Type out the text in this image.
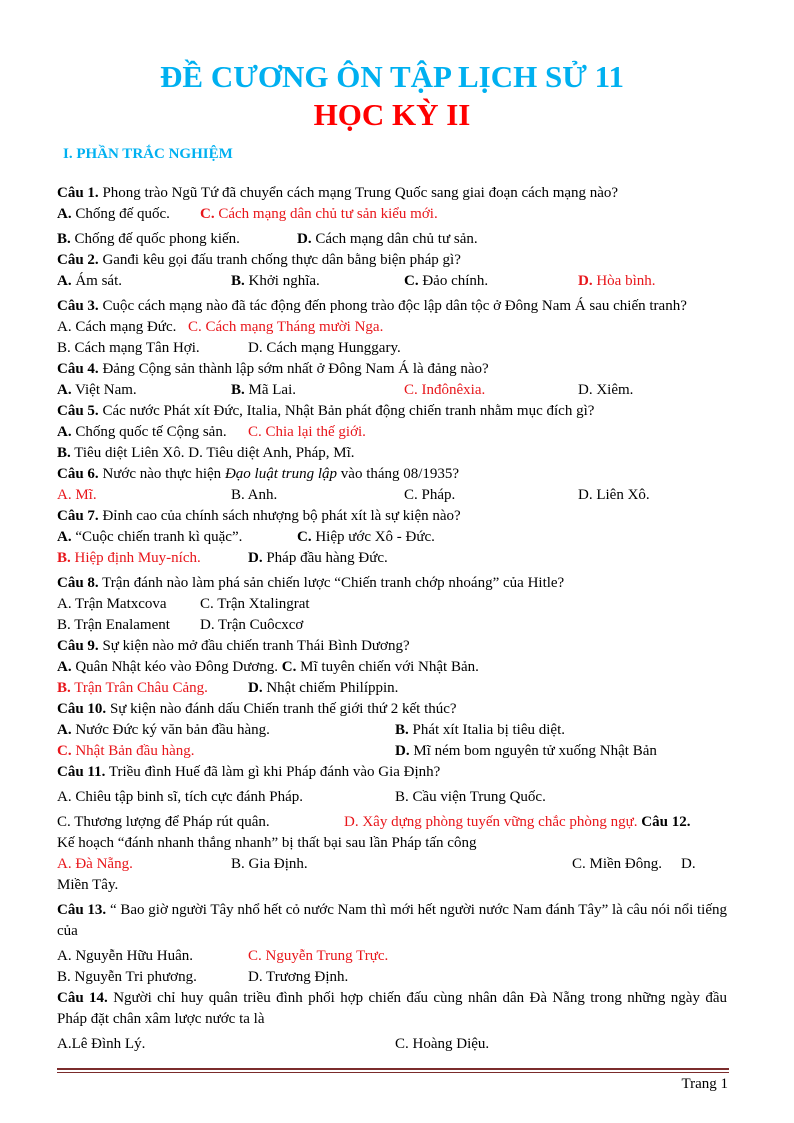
ĐỀ CƯƠNG ÔN TẬP LỊCH SỬ 11
HỌC KỲ II
I. PHẦN TRẮC NGHIỆM
Câu 1. Phong trào Ngũ Tứ đã chuyển cách mạng Trung Quốc sang giai đoạn cách mạng nào?
A. Chống đế quốc. C. Cách mạng dân chủ tư sản kiểu mới.
B. Chống đế quốc phong kiến.	D. Cách mạng dân chủ tư sản.
Câu 2. Ganđi kêu gọi đấu tranh chống thực dân bằng biện pháp gì?
A. Ám sát.	B. Khởi nghĩa.	C. Đảo chính.	D. Hòa bình.
Câu 3. Cuộc cách mạng nào đã tác động đến phong trào độc lập dân tộc ở Đông Nam Á sau chiến tranh?
A. Cách mạng Đức. C. Cách mạng Tháng mười Nga.
B. Cách mạng Tân Hợi.	D. Cách mạng Hunggary.
Câu 4. Đảng Cộng sản thành lập sớm nhất ở Đông Nam Á là đảng nào?
A. Việt Nam.	B. Mã Lai.	C. Inđônêxia.	D. Xiêm.
Câu 5. Các nước Phát xít Đức, Italia, Nhật Bản phát động chiến tranh nhằm mục đích gì?
A. Chống quốc tế Cộng sản. C. Chia lại thế giới.
B. Tiêu diệt Liên Xô. D. Tiêu diệt Anh, Pháp, Mĩ.
Câu 6. Nước nào thực hiện Đạo luật trung lập vào tháng 08/1935?
A. Mĩ.	B. Anh.	C. Pháp.	D. Liên Xô.
Câu 7. Đỉnh cao của chính sách nhượng bộ phát xít là sự kiện nào?
A. “Cuộc chiến tranh kì quặc”.	C. Hiệp ước Xô - Đức.
B. Hiệp định Muy-ních.	D. Pháp đầu hàng Đức.
Câu 8. Trận đánh nào làm phá sản chiến lược “Chiến tranh chớp nhoáng” của Hitle?
A. Trận Matxcova C. Trận Xtalingrat
B. Trận Enalament D. Trận Cuôcxcơ
Câu 9. Sự kiện nào mở đầu chiến tranh Thái Bình Dương?
A. Quân Nhật kéo vào Đông Dương. C. Mĩ tuyên chiến với Nhật Bản.
B. Trận Trân Châu Cảng.	D. Nhật chiếm Philíppin.
Câu 10. Sự kiện nào đánh dấu Chiến tranh thế giới thứ 2 kết thúc?
A. Nước Đức ký văn bản đầu hàng.	B. Phát xít Italia bị tiêu diệt.
C. Nhật Bản đầu hàng.	D. Mĩ ném bom nguyên tử xuống Nhật Bản
Câu 11. Triều đình Huế đã làm gì khi Pháp đánh vào Gia Định?
A. Chiêu tập binh sĩ, tích cực đánh Pháp.	B. Cầu viện Trung Quốc.
C. Thương lượng để Pháp rút quân.	D. Xây dựng phòng tuyến vững chắc phòng ngự. Câu 12.
Kế hoạch “đánh nhanh thắng nhanh” bị thất bại sau lần Pháp tấn công
A. Đà Nẵng.	B. Gia Định.	C. Miền Đông. D.
Miền Tây.
Câu 13. “ Bao giờ người Tây nhổ hết cỏ nước Nam thì mới hết người nước Nam đánh Tây” là câu nói nổi tiếng của
A. Nguyễn Hữu Huân.	C. Nguyễn Trung Trực.
B. Nguyễn Tri phương.	D. Trương Định.
Câu 14. Người chỉ huy quân triều đình phối hợp chiến đấu cùng nhân dân Đà Nẵng trong những ngày đầu Pháp đặt chân xâm lược nước ta là
A.Lê Đình Lý.	C. Hoàng Diệu.
Trang 1
